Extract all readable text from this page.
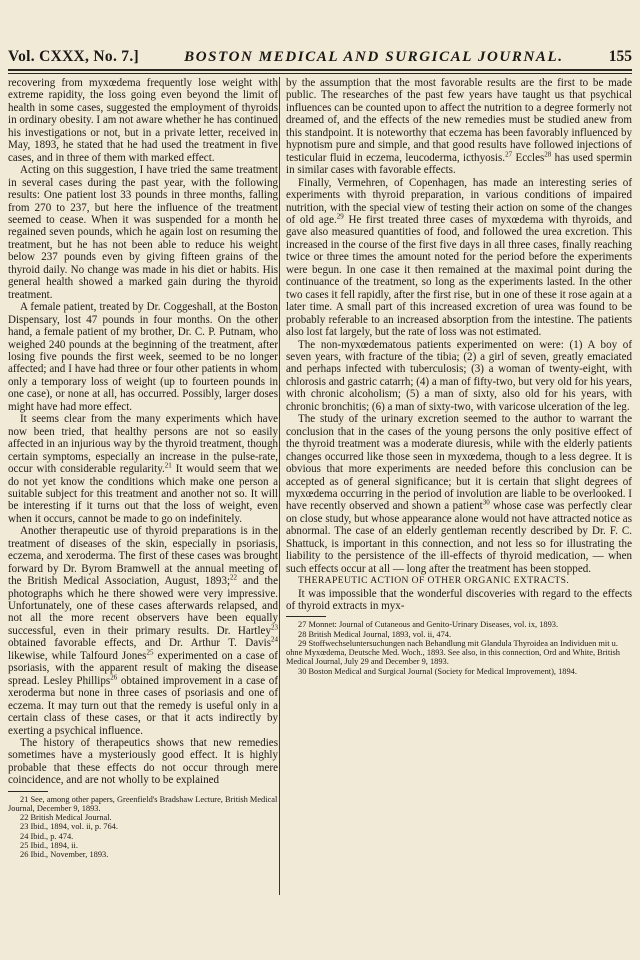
Vol. CXXX, No. 7.]	BOSTON MEDICAL AND SURGICAL JOURNAL.	155

recovering from myxœdema frequently lose weight with extreme rapidity, the loss going even beyond the limit of health in some cases, suggested the employment of thyroids in ordinary obesity. I am not aware whether he has continued his investigations or not, but in a private letter, received in May, 1893, he stated that he had used the treatment in five cases, and in three of them with marked effect.

Acting on this suggestion, I have tried the same treatment in several cases during the past year, with the following results: One patient lost 33 pounds in three months, falling from 270 to 237, but here the influence of the treatment seemed to cease. When it was suspended for a month he regained seven pounds, which he again lost on resuming the treatment, but he has not been able to reduce his weight below 237 pounds even by giving fifteen grains of the thyroid daily. No change was made in his diet or habits. His general health showed a marked gain during the thyroid treatment.

A female patient, treated by Dr. Coggeshall, at the Boston Dispensary, lost 47 pounds in four months. On the other hand, a female patient of my brother, Dr. C. P. Putnam, who weighed 240 pounds at the beginning of the treatment, after losing five pounds the first week, seemed to be no longer affected; and I have had three or four other patients in whom only a temporary loss of weight (up to fourteen pounds in one case), or none at all, has occurred. Possibly, larger doses might have had more effect.

It seems clear from the many experiments which have now been tried, that healthy persons are not so easily affected in an injurious way by the thyroid treatment, though certain symptoms, especially an increase in the pulse-rate, occur with considerable regularity.$^{21}$ It would seem that we do not yet know the conditions which make one person a suitable subject for this treatment and another not so. It will be interesting if it turns out that the loss of weight, even when it occurs, cannot be made to go on indefinitely.

Another therapeutic use of thyroid preparations is in the treatment of diseases of the skin, especially in psoriasis, eczema, and xeroderma. The first of these cases was brought forward by Dr. Byrom Bramwell at the annual meeting of the British Medical Association, August, 1893;$^{22}$ and the photographs which he there showed were very impressive. Unfortunately, one of these cases afterwards relapsed, and not all the more recent observers have been equally successful, even in their primary results. Dr. Hartley$^{23}$ obtained favorable effects, and Dr. Arthur T. Davis$^{24}$ likewise, while Talfourd Jones$^{25}$ experimented on a case of psoriasis, with the apparent result of making the disease spread. Lesley Phillips$^{26}$ obtained improvement in a case of xeroderma but none in three cases of psoriasis and one of eczema. It may turn out that the remedy is useful only in a certain class of these cases, or that it acts indirectly by exerting a psychical influence.

The history of therapeutics shows that new remedies sometimes have a mysteriously good effect. It is highly probable that these effects do not occur through mere coincidence, and are not wholly to be explained

21 See, among other papers, Greenfield's Bradshaw Lecture, British Medical Journal, December 9, 1893.

22 British Medical Journal.

23 Ibid., 1894, vol. ii, p. 764.

24 Ibid., p. 474.

25 Ibid., 1894, ii.

26 Ibid., November, 1893.

by the assumption that the most favorable results are the first to be made public. The researches of the past few years have taught us that psychical influences can be counted upon to affect the nutrition to a degree formerly not dreamed of, and the effects of the new remedies must be studied anew from this standpoint. It is noteworthy that eczema has been favorably influenced by hypnotism pure and simple, and that good results have followed injections of testicular fluid in eczema, leucoderma, icthyosis.$^{27}$ Eccles$^{28}$ has used spermin in similar cases with favorable effects.

Finally, Vermehren, of Copenhagen, has made an interesting series of experiments with thyroid preparation, in various conditions of impaired nutrition, with the special view of testing their action on some of the changes of old age.$^{29}$ He first treated three cases of myxœdema with thyroids, and gave also measured quantities of food, and followed the urea excretion. This increased in the course of the first five days in all three cases, finally reaching twice or three times the amount noted for the period before the experiments were begun. In one case it then remained at the maximal point during the continuance of the treatment, so long as the experiments lasted. In the other two cases it fell rapidly, after the first rise, but in one of these it rose again at a later time. A small part of this increased excretion of urea was found to be probably referable to an increased absorption from the intestine. The patients also lost fat largely, but the rate of loss was not estimated.

The non-myxœdematous patients experimented on were: (1) A boy of seven years, with fracture of the tibia; (2) a girl of seven, greatly emaciated and perhaps infected with tuberculosis; (3) a woman of twenty-eight, with chlorosis and gastric catarrh; (4) a man of fifty-two, but very old for his years, with chronic alcoholism; (5) a man of sixty, also old for his years, with chronic bronchitis; (6) a man of sixty-two, with varicose ulceration of the leg.

The study of the urinary excretion seemed to the author to warrant the conclusion that in the cases of the young persons the only positive effect of the thyroid treatment was a moderate diuresis, while with the elderly patients changes occurred like those seen in myxœdema, though to a less degree. It is obvious that more experiments are needed before this conclusion can be accepted as of general significance; but it is certain that slight degrees of myxœdema occurring in the period of involution are liable to be overlooked. I have recently observed and shown a patient$^{30}$ whose case was perfectly clear on close study, but whose appearance alone would not have attracted notice as abnormal. The case of an elderly gentleman recently described by Dr. F. C. Shattuck, is important in this connection, and not less so for illustrating the liability to the persistence of the ill-effects of thyroid medication, — when such effects occur at all — long after the treatment has been stopped.

THERAPEUTIC ACTION OF OTHER ORGANIC EXTRACTS.

It was impossible that the wonderful discoveries with regard to the effects of thyroid extracts in myx-

27 Monnet: Journal of Cutaneous and Genito-Urinary Diseases, vol. ix, 1893.

28 British Medical Journal, 1893, vol. ii, 474.

29 Stoffwechseluntersuchungen nach Behandlung mit Glandula Thyroidea an Individuen mit u. ohne Myxœdema, Deutsche Med. Woch., 1893. See also, in this connection, Ord and White, British Medical Journal, July 29 and December 9, 1893.

30 Boston Medical and Surgical Journal (Society for Medical Improvement), 1894.
